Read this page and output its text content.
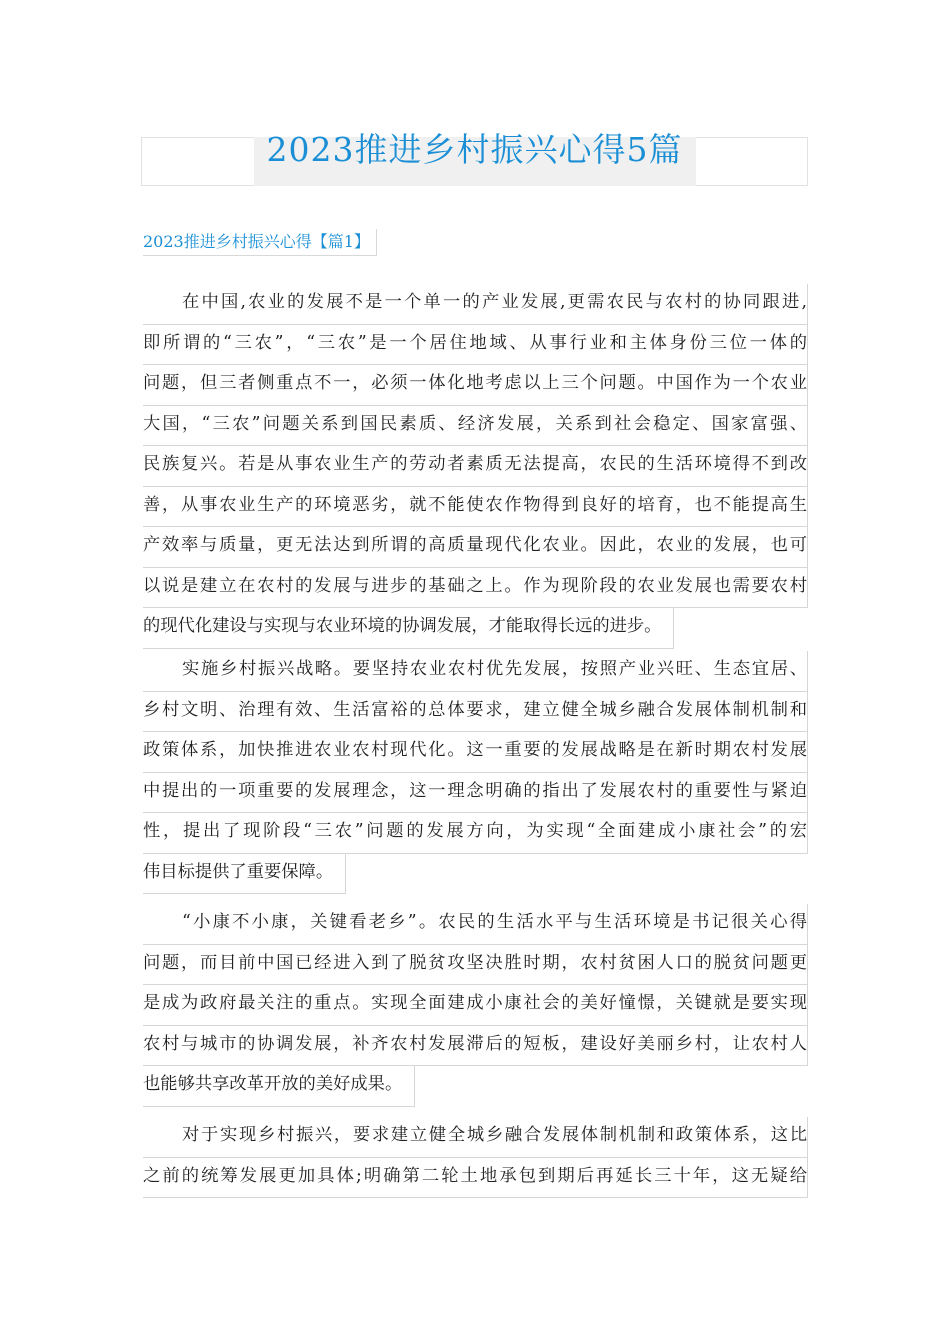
2023推进乡村振兴心得5篇
2023推进乡村振兴心得【篇1】
在中国,农业的发展不是一个单一的产业发展,更需农民与农村的协同跟进,
即所谓的“三农”，“三农”是一个居住地域、从事行业和主体身份三位一体的
问题，但三者侧重点不一，必须一体化地考虑以上三个问题。中国作为一个农业
大国，“三农”问题关系到国民素质、经济发展，关系到社会稳定、国家富强、
民族复兴。若是从事农业生产的劳动者素质无法提高，农民的生活环境得不到改
善，从事农业生产的环境恶劣，就不能使农作物得到良好的培育，也不能提高生
产效率与质量，更无法达到所谓的高质量现代化农业。因此，农业的发展，也可
以说是建立在农村的发展与进步的基础之上。作为现阶段的农业发展也需要农村
的现代化建设与实现与农业环境的协调发展，才能取得长远的进步。
实施乡村振兴战略。要坚持农业农村优先发展，按照产业兴旺、生态宜居、
乡村文明、治理有效、生活富裕的总体要求，建立健全城乡融合发展体制机制和
政策体系，加快推进农业农村现代化。这一重要的发展战略是在新时期农村发展
中提出的一项重要的发展理念，这一理念明确的指出了发展农村的重要性与紧迫
性，提出了现阶段“三农”问题的发展方向，为实现“全面建成小康社会”的宏
伟目标提供了重要保障。
“小康不小康，关键看老乡”。农民的生活水平与生活环境是书记很关心得
问题，而目前中国已经进入到了脱贫攻坚决胜时期，农村贫困人口的脱贫问题更
是成为政府最关注的重点。实现全面建成小康社会的美好憧憬，关键就是要实现
农村与城市的协调发展，补齐农村发展滞后的短板，建设好美丽乡村，让农村人
也能够共享改革开放的美好成果。
对于实现乡村振兴，要求建立健全城乡融合发展体制机制和政策体系，这比
之前的统筹发展更加具体;明确第二轮土地承包到期后再延长三十年，这无疑给
